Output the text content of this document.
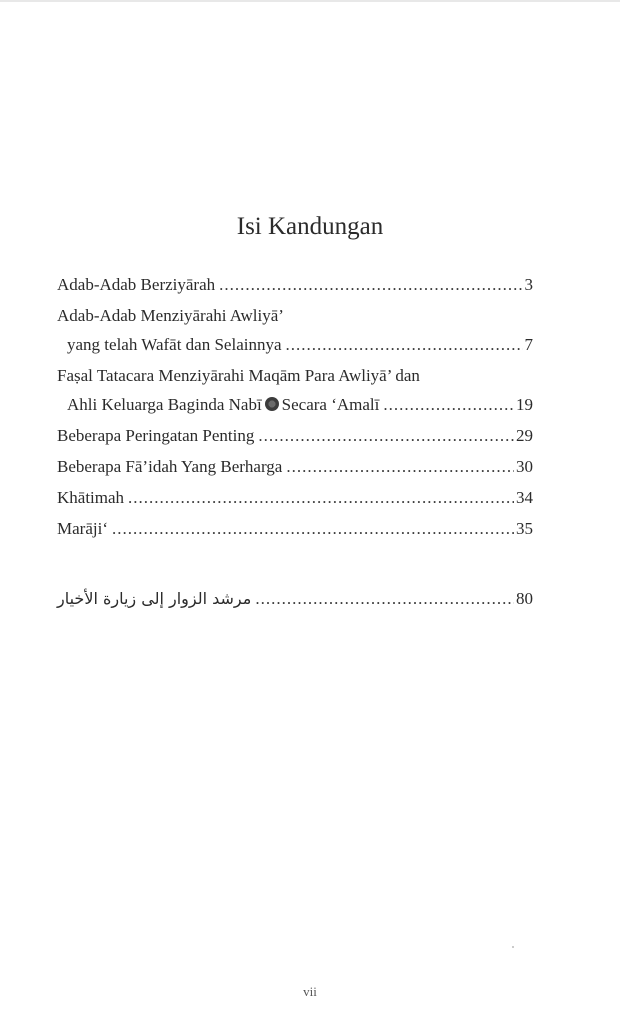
Isi Kandungan
Adab-Adab Berziyārah .....	3
Adab-Adab Menziyārahi Awliyā’
yang telah Wafāt dan Selainnya .....	7
Faṣal Tatacara Menziyārahi Maqām Para Awliyā’ dan
Ahli Keluarga Baginda Nabī Secara ‘Amalī .....	19
Beberapa Peringatan Penting .....	29
Beberapa Fā’idah Yang Berharga .....	30
Khātimah .....	34
Marāji‘ .....	35
مرشد الزوار إلى زيارة الأخيار .....	80
vii
